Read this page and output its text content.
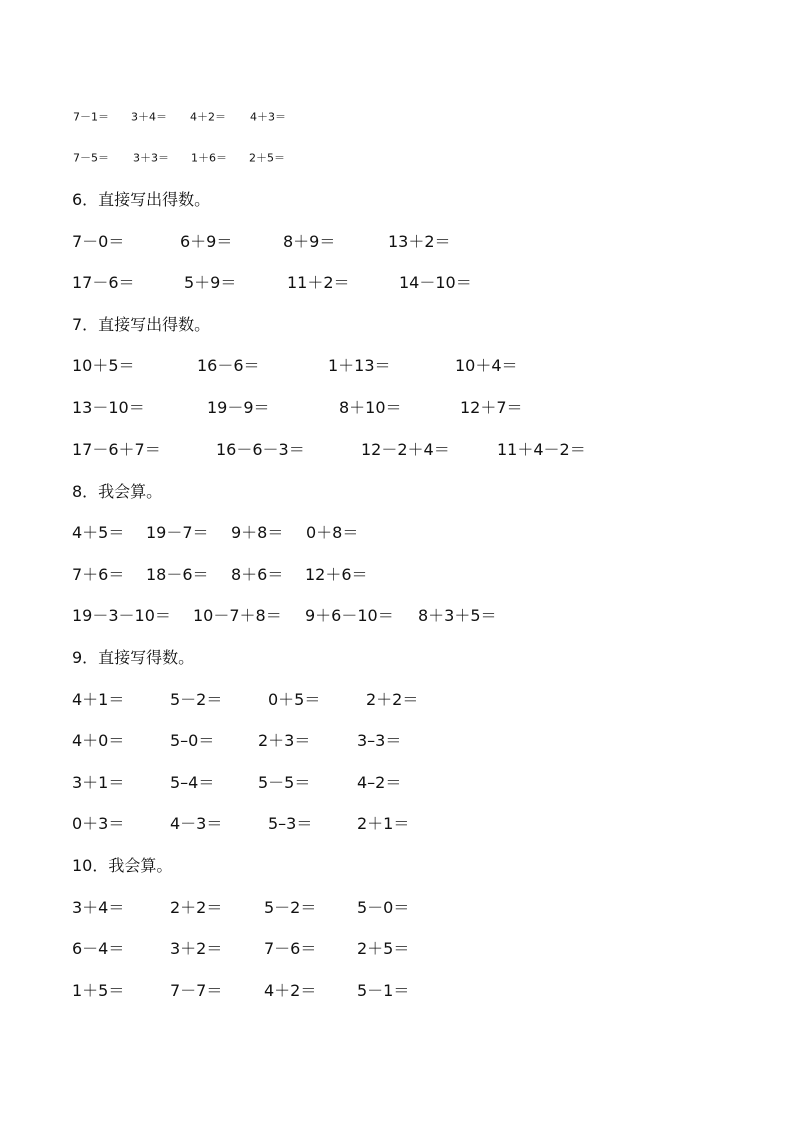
7－1＝ 3＋4＝ 4＋2＝ 4＋3＝
7－5＝ 3＋3＝ 1＋6＝ 2＋5＝
6．直接写出得数。
7－0＝	6＋9＝	8＋9＝	13＋2＝
17－6＝	5＋9＝	11＋2＝	14－10＝
7．直接写出得数。
10＋5＝	16－6＝	1＋13＝	10＋4＝
13－10＝	19－9＝	8＋10＝	12＋7＝
17－6＋7＝	16－6－3＝	12－2＋4＝	11＋4－2＝
8．我会算。
4＋5＝ 19－7＝ 9＋8＝ 0＋8＝
7＋6＝ 18－6＝ 8＋6＝ 12＋6＝
19－3－10＝ 10－7＋8＝ 9＋6－10＝ 8＋3＋5＝
9．直接写得数。
4＋1＝	5－2＝	0＋5＝	2＋2＝
4＋0＝	5–0＝	2＋3＝	3–3＝
3＋1＝	5–4＝	5－5＝	4–2＝
0＋3＝	4－3＝	5–3＝	2＋1＝
10．我会算。
3＋4＝	2＋2＝	5－2＝	5－0＝
6－4＝	3＋2＝	7－6＝	2＋5＝
1＋5＝	7－7＝	4＋2＝	5－1＝
